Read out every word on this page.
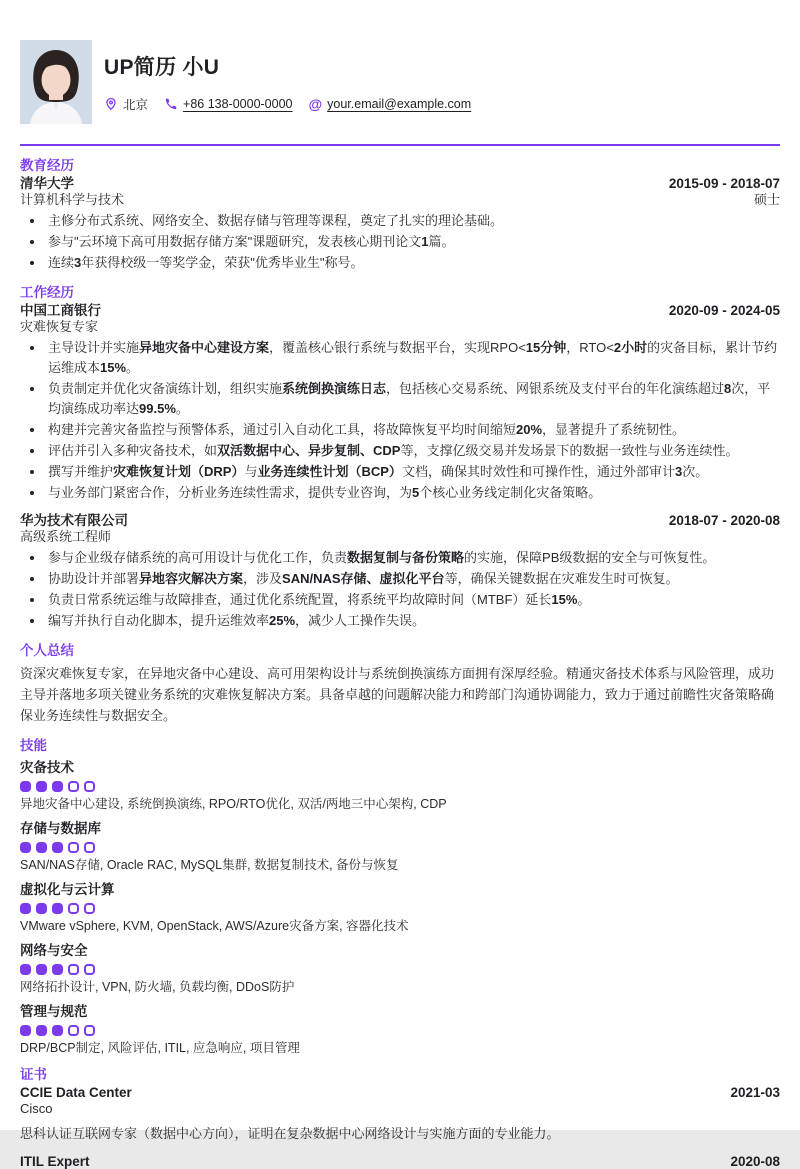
UP简历 小U
北京	+86 138-0000-0000 @ your.email@example.com
教育经历
清华大学	2015-09 - 2018-07
计算机科学与技术	硕士
主修分布式系统、网络安全、数据存储与管理等课程，奠定了扎实的理论基础。
参与"云环境下高可用数据存储方案"课题研究，发表核心期刊论文1篇。
连续3年获得校级一等奖学金，荣获"优秀毕业生"称号。
工作经历
中国工商银行	2020-09 - 2024-05
灾难恢复专家
主导设计并实施异地灾备中心建设方案，覆盖核心银行系统与数据平台，实现RPO<15分钟，RTO<2小时的灾备目标，累计节约运维成本15%。
负责制定并优化灾备演练计划，组织实施系统倒换演练日志，包括核心交易系统、网银系统及支付平台的年化演练超过8次，平均演练成功率达99.5%。
构建并完善灾备监控与预警体系，通过引入自动化工具，将故障恢复平均时间缩短20%，显著提升了系统韧性。
评估并引入多种灾备技术，如双活数据中心、异步复制、CDP等，支撑亿级交易并发场景下的数据一致性与业务连续性。
撰写并维护灾难恢复计划（DRP）与业务连续性计划（BCP）文档，确保其时效性和可操作性，通过外部审计3次。
与业务部门紧密合作，分析业务连续性需求，提供专业咨询，为5个核心业务线定制化灾备策略。
华为技术有限公司	2018-07 - 2020-08
高级系统工程师
参与企业级存储系统的高可用设计与优化工作，负责数据复制与备份策略的实施，保障PB级数据的安全与可恢复性。
协助设计并部署异地容灾解决方案，涉及SAN/NAS存储、虚拟化平台等，确保关键数据在灾难发生时可恢复。
负责日常系统运维与故障排查，通过优化系统配置，将系统平均故障时间（MTBF）延长15%。
编写并执行自动化脚本，提升运维效率25%，减少人工操作失误。
个人总结

资深灾难恢复专家，在异地灾备中心建设、高可用架构设计与系统倒换演练方面拥有深厚经验。精通灾备技术体系与风险管理，成功主导并落地多项关键业务系统的灾难恢复解决方案。具备卓越的问题解决能力和跨部门沟通协调能力，致力于通过前瞻性灾备策略确保业务连续性与数据安全。

技能
灾备技术
异地灾备中心建设, 系统倒换演练, RPO/RTO优化, 双活/两地三中心架构, CDP
存储与数据库
SAN/NAS存储, Oracle RAC, MySQL集群, 数据复制技术, 备份与恢复
虚拟化与云计算
VMware vSphere, KVM, OpenStack, AWS/Azure灾备方案, 容器化技术
网络与安全
网络拓扑设计, VPN, 防火墙, 负载均衡, DDoS防护
管理与规范
DRP/BCP制定, 风险评估, ITIL, 应急响应, 项目管理
证书
CCIE Data Center	2021-03
Cisco
思科认证互联网专家（数据中心方向），证明在复杂数据中心网络设计与实施方面的专业能力。
ITIL Expert	2020-08
